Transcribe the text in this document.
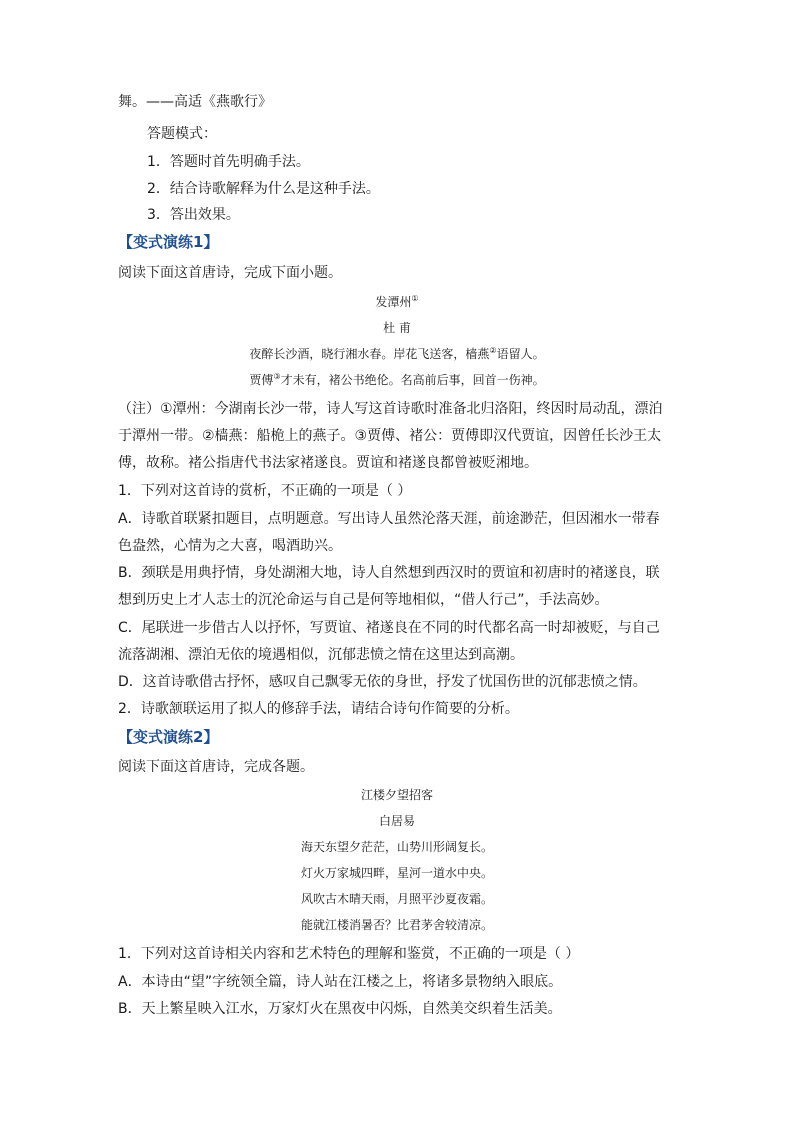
舞。——高适《燕歌行》
答题模式：
1．答题时首先明确手法。
2．结合诗歌解释为什么是这种手法。
3．答出效果。
【变式演练1】
阅读下面这首唐诗，完成下面小题。
发潭州①
杜 甫
夜醉长沙酒，晓行湘水春。岸花飞送客，樯燕②语留人。
贾傅③才未有，褚公书绝伦。名高前后事，回首一伤神。
（注）①潭州：今湖南长沙一带，诗人写这首诗歌时准备北归洛阳，终因时局动乱，漂泊
于潭州一带。②樯燕：船桅上的燕子。③贾傅、褚公：贾傅即汉代贾谊，因曾任长沙王太
傅，故称。褚公指唐代书法家褚遂良。贾谊和褚遂良都曾被贬湘地。
1．下列对这首诗的赏析，不正确的一项是（ ）
A．诗歌首联紧扣题目，点明题意。写出诗人虽然沦落天涯，前途渺茫，但因湘水一带春
色盎然，心情为之大喜，喝酒助兴。
B．颈联是用典抒情，身处湖湘大地，诗人自然想到西汉时的贾谊和初唐时的褚遂良，联
想到历史上才人志士的沉沦命运与自己是何等地相似，“借人行己”，手法高妙。
C．尾联进一步借古人以抒怀，写贾谊、褚遂良在不同的时代都名高一时却被贬，与自己
流落湖湘、漂泊无依的境遇相似，沉郁悲愤之情在这里达到高潮。
D．这首诗歌借古抒怀，感叹自己飘零无依的身世，抒发了忧国伤世的沉郁悲愤之情。
2．诗歌颔联运用了拟人的修辞手法，请结合诗句作简要的分析。
【变式演练2】
阅读下面这首唐诗，完成各题。
江楼夕望招客
白居易
海天东望夕茫茫，山势川形阔复长。
灯火万家城四畔，星河一道水中央。
风吹古木晴天雨，月照平沙夏夜霜。
能就江楼消暑否？比君茅舍较清凉。
1．下列对这首诗相关内容和艺术特色的理解和鉴赏，不正确的一项是（ ）
A．本诗由“望”字统领全篇，诗人站在江楼之上，将诸多景物纳入眼底。
B．天上繁星映入江水，万家灯火在黑夜中闪烁，自然美交织着生活美。
